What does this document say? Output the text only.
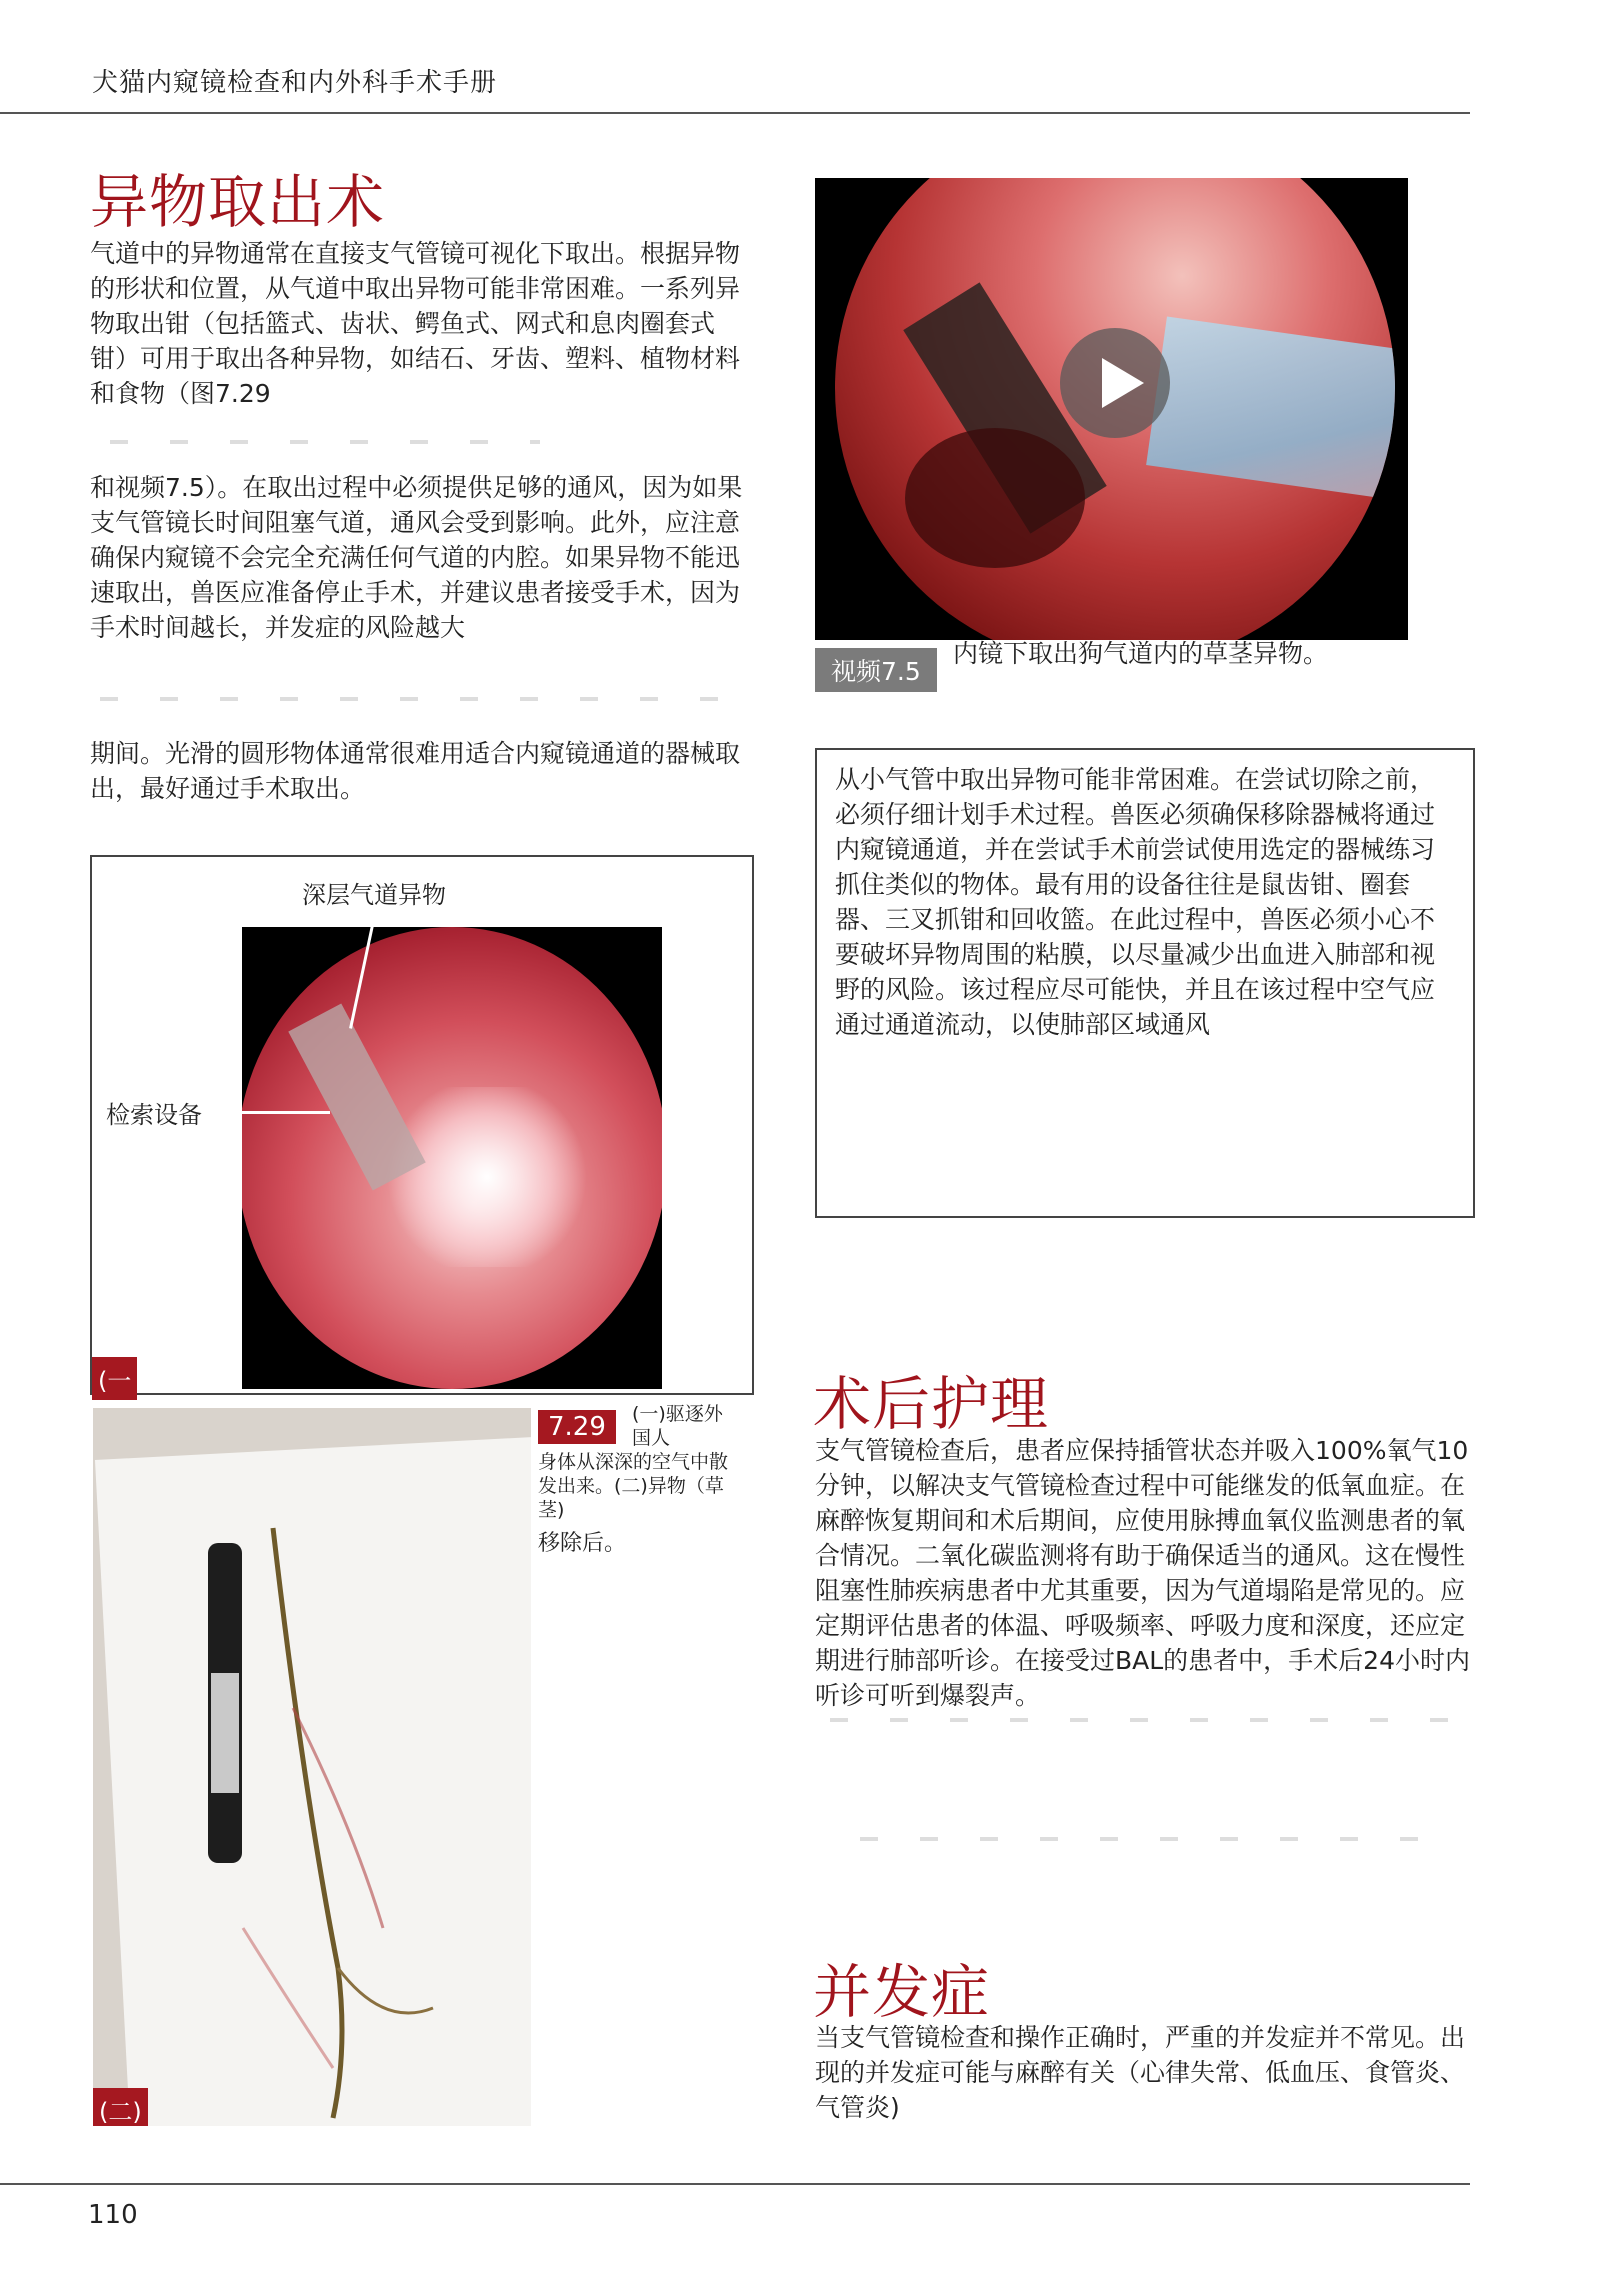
犬猫内窥镜检查和内外科手术手册
异物取出术
气道中的异物通常在直接支气管镜可视化下取出。根据异物的形状和位置，从气道中取出异物可能非常困难。一系列异物取出钳（包括篮式、齿状、鳄鱼式、网式和息肉圈套式钳）可用于取出各种异物，如结石、牙齿、塑料、植物材料和食物（图7.29
和视频7.5）。在取出过程中必须提供足够的通风，因为如果支气管镜长时间阻塞气道，通风会受到影响。此外，应注意确保内窥镜不会完全充满任何气道的内腔。如果异物不能迅速取出，兽医应准备停止手术，并建议患者接受手术，因为手术时间越长，并发症的风险越大
期间。光滑的圆形物体通常很难用适合内窥镜通道的器械取出，最好通过手术取出。
视频7.5
内镜下取出狗气道内的草茎异物。
从小气管中取出异物可能非常困难。在尝试切除之前，必须仔细计划手术过程。兽医必须确保移除器械将通过内窥镜通道，并在尝试手术前尝试使用选定的器械练习抓住类似的物体。最有用的设备往往是鼠齿钳、圈套器、三叉抓钳和回收篮。在此过程中，兽医必须小心不要破坏异物周围的粘膜，以尽量减少出血进入肺部和视野的风险。该过程应尽可能快，并且在该过程中空气应通过通道流动，以使肺部区域通风
深层气道异物
检索设备
(一
(二)
7.29	(一)驱逐外国人
身体从深深的空气中散发出来。(二)异物（草茎)
移除后。
术后护理
支气管镜检查后，患者应保持插管状态并吸入100%氧气10分钟，以解决支气管镜检查过程中可能继发的低氧血症。在麻醉恢复期间和术后期间，应使用脉搏血氧仪监测患者的氧合情况。二氧化碳监测将有助于确保适当的通风。这在慢性阻塞性肺疾病患者中尤其重要，因为气道塌陷是常见的。应定期评估患者的体温、呼吸频率、呼吸力度和深度，还应定期进行肺部听诊。在接受过BAL的患者中，手术后24小时内听诊可听到爆裂声。
并发症
当支气管镜检查和操作正确时，严重的并发症并不常见。出现的并发症可能与麻醉有关（心律失常、低血压、食管炎、气管炎)
110
